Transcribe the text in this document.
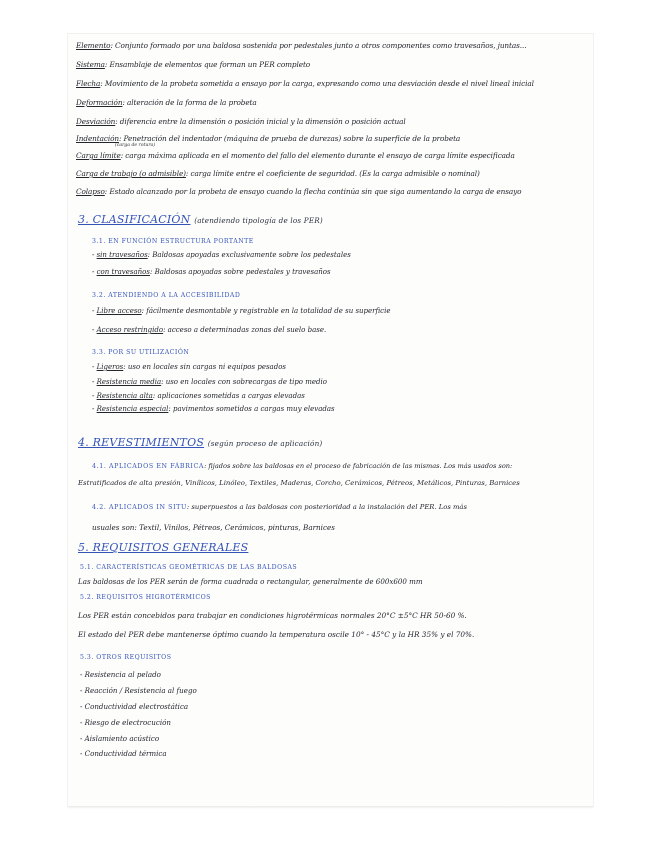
Elemento: Conjunto formado por una baldosa sostenida por pedestales junto a otros componentes como travesaños, juntas...
Sistema: Ensamblaje de elementos que forman un PER completo
Flecha: Movimiento de la probeta sometida a ensayo por la carga, expresando como una desviación desde el nivel lineal inicial
Deformación: alteración de la forma de la probeta
Desviación: diferencia entre la dimensión o posición inicial y la dimensión o posición actual
Indentación: Penetración del indentador (máquina de prueba de durezas) sobre la superficie de la probeta
(carga de rotura)
Carga límite: carga máxima aplicada en el momento del fallo del elemento durante el ensayo de carga límite especificada
Carga de trabajo (o admisible): carga límite entre el coeficiente de seguridad. (Es la carga admisible o nominal)
Colapso: Estado alcanzado por la probeta de ensayo cuando la flecha continúa sin que siga aumentando la carga de ensayo
3. CLASIFICACIÓN (atendiendo tipología de los PER)
3.1. EN FUNCIÓN ESTRUCTURA PORTANTE
- sin travesaños: Baldosas apoyadas exclusivamente sobre los pedestales
- con travesaños: Baldosas apoyadas sobre pedestales y travesaños
3.2. ATENDIENDO A LA ACCESIBILIDAD
- Libre acceso: fácilmente desmontable y registrable en la totalidad de su superficie
- Acceso restringido: acceso a determinadas zonas del suelo base.
3.3. POR SU UTILIZACIÓN
- Ligeros: uso en locales sin cargas ni equipos pesados
- Resistencia media: uso en locales con sobrecargas de tipo medio
- Resistencia alta: aplicaciones sometidas a cargas elevadas
- Resistencia especial: pavimentos sometidos a cargas muy elevadas
4. REVESTIMIENTOS (según proceso de aplicación)
4.1. APLICADOS EN FÁBRICA: fijados sobre las baldosas en el proceso de fabricación de las mismas. Los más usados son:
Estratificados de alta presión, Vinílicos, Linóleo, Textiles, Maderas, Corcho, Cerámicos, Pétreos, Metálicos, Pinturas, Barnices
4.2. APLICADOS IN SITU: superpuestos a las baldosas con posterioridad a la instalación del PER. Los más
usuales son: Textil, Vinilos, Pétreos, Cerámicos, pinturas, Barnices
5. REQUISITOS GENERALES
5.1. CARACTERÍSTICAS GEOMÉTRICAS DE LAS BALDOSAS
Las baldosas de los PER serán de forma cuadrada o rectangular, generalmente de 600x600 mm
5.2. REQUISITOS HIGROTÉRMICOS
Los PER están concebidos para trabajar en condiciones higrotérmicas normales 20°C ±5°C HR 50-60 %.
El estado del PER debe mantenerse óptimo cuando la temperatura oscile 10° - 45°C y la HR 35% y el 70%.
5.3. OTROS REQUISITOS
- Resistencia al pelado
- Reacción / Resistencia al fuego
- Conductividad electrostática
- Riesgo de electrocución
- Aislamiento acústico
- Conductividad térmica
